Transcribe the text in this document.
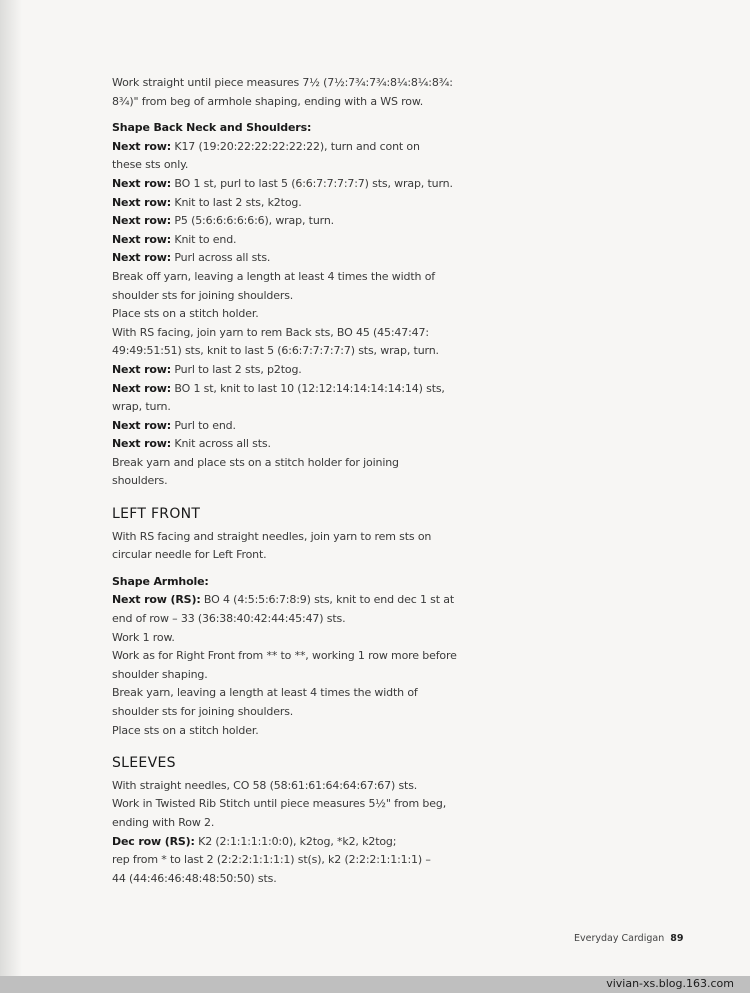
Work straight until piece measures 7½ (7½:7¾:7¾:8¼:8¼:8¾:
8¾)" from beg of armhole shaping, ending with a WS row.
Shape Back Neck and Shoulders:
Next row: K17 (19:20:22:22:22:22:22), turn and cont on
these sts only.
Next row: BO 1 st, purl to last 5 (6:6:7:7:7:7:7) sts, wrap, turn.
Next row: Knit to last 2 sts, k2tog.
Next row: P5 (5:6:6:6:6:6:6), wrap, turn.
Next row: Knit to end.
Next row: Purl across all sts.
Break off yarn, leaving a length at least 4 times the width of
shoulder sts for joining shoulders.
Place sts on a stitch holder.
With RS facing, join yarn to rem Back sts, BO 45 (45:47:47:
49:49:51:51) sts, knit to last 5 (6:6:7:7:7:7:7) sts, wrap, turn.
Next row: Purl to last 2 sts, p2tog.
Next row: BO 1 st, knit to last 10 (12:12:14:14:14:14:14) sts,
wrap, turn.
Next row: Purl to end.
Next row: Knit across all sts.
Break yarn and place sts on a stitch holder for joining
shoulders.
LEFT FRONT
With RS facing and straight needles, join yarn to rem sts on
circular needle for Left Front.
Shape Armhole:
Next row (RS): BO 4 (4:5:5:6:7:8:9) sts, knit to end dec 1 st at
end of row – 33 (36:38:40:42:44:45:47) sts.
Work 1 row.
Work as for Right Front from ** to **, working 1 row more before
shoulder shaping.
Break yarn, leaving a length at least 4 times the width of
shoulder sts for joining shoulders.
Place sts on a stitch holder.
SLEEVES
With straight needles, CO 58 (58:61:61:64:64:67:67) sts.
Work in Twisted Rib Stitch until piece measures 5½" from beg,
ending with Row 2.
Dec row (RS): K2 (2:1:1:1:1:0:0), k2tog, *k2, k2tog;
rep from * to last 2 (2:2:2:1:1:1:1) st(s), k2 (2:2:2:1:1:1:1) –
44 (44:46:46:48:48:50:50) sts.
Everyday Cardigan 89
vivian-xs.blog.163.com
